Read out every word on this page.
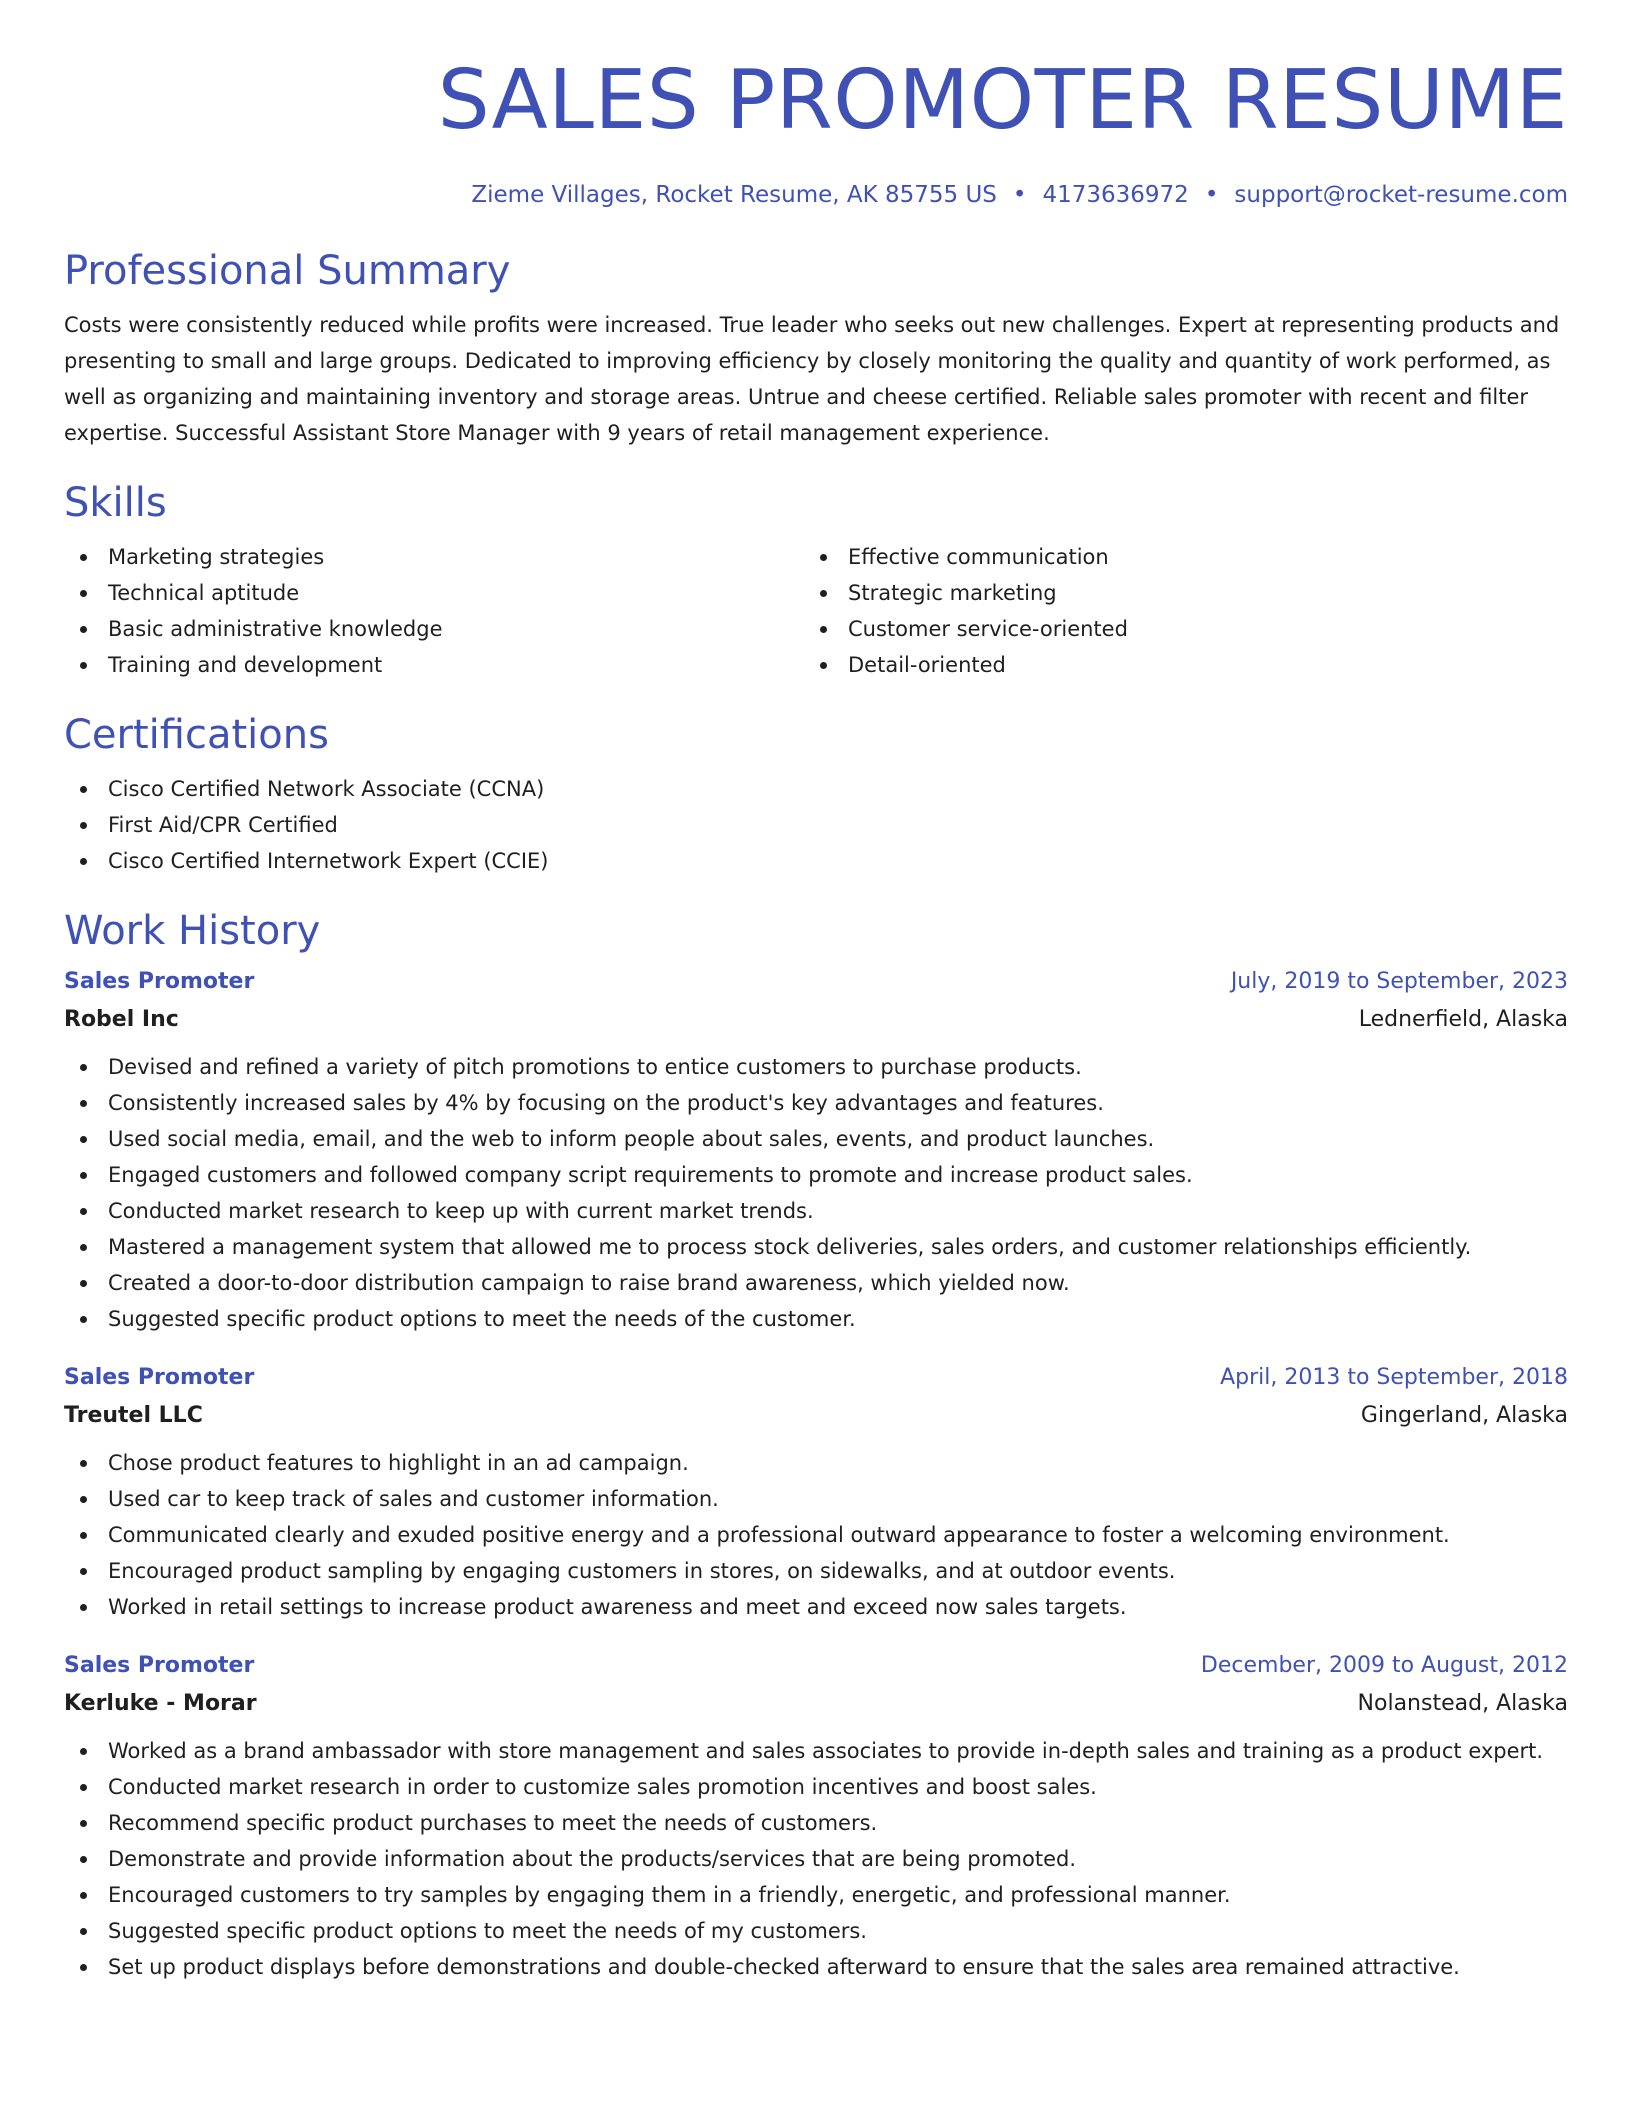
SALES PROMOTER RESUME
Zieme Villages, Rocket Resume, AK 85755 US • 4173636972 • support@rocket-resume.com
Professional Summary

Costs were consistently reduced while profits were increased. True leader who seeks out new challenges. Expert at representing products and presenting to small and large groups. Dedicated to improving efficiency by closely monitoring the quality and quantity of work performed, as well as organizing and maintaining inventory and storage areas. Untrue and cheese certified. Reliable sales promoter with recent and filter expertise. Successful Assistant Store Manager with 9 years of retail management experience.

Skills
Marketing strategies
Technical aptitude
Basic administrative knowledge
Training and development
Effective communication
Strategic marketing
Customer service-oriented
Detail-oriented
Certifications
Cisco Certified Network Associate (CCNA)
First Aid/CPR Certified
Cisco Certified Internetwork Expert (CCIE)
Work History
Sales Promoter	July, 2019 to September, 2023
Robel Inc	Lednerfield, Alaska
Devised and refined a variety of pitch promotions to entice customers to purchase products.
Consistently increased sales by 4% by focusing on the product's key advantages and features.
Used social media, email, and the web to inform people about sales, events, and product launches.
Engaged customers and followed company script requirements to promote and increase product sales.
Conducted market research to keep up with current market trends.
Mastered a management system that allowed me to process stock deliveries, sales orders, and customer relationships efficiently.
Created a door-to-door distribution campaign to raise brand awareness, which yielded now.
Suggested specific product options to meet the needs of the customer.
Sales Promoter	April, 2013 to September, 2018
Treutel LLC	Gingerland, Alaska
Chose product features to highlight in an ad campaign.
Used car to keep track of sales and customer information.
Communicated clearly and exuded positive energy and a professional outward appearance to foster a welcoming environment.
Encouraged product sampling by engaging customers in stores, on sidewalks, and at outdoor events.
Worked in retail settings to increase product awareness and meet and exceed now sales targets.
Sales Promoter	December, 2009 to August, 2012
Kerluke - Morar	Nolanstead, Alaska
Worked as a brand ambassador with store management and sales associates to provide in-depth sales and training as a product expert.
Conducted market research in order to customize sales promotion incentives and boost sales.
Recommend specific product purchases to meet the needs of customers.
Demonstrate and provide information about the products/services that are being promoted.
Encouraged customers to try samples by engaging them in a friendly, energetic, and professional manner.
Suggested specific product options to meet the needs of my customers.
Set up product displays before demonstrations and double-checked afterward to ensure that the sales area remained attractive.
